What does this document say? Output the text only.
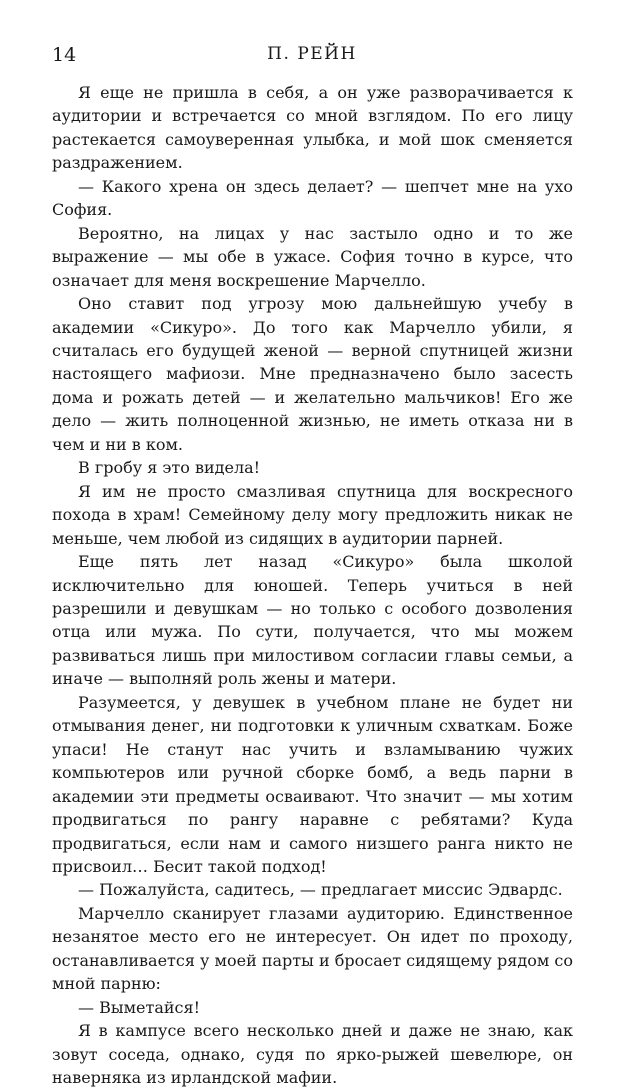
14	П. РЕЙН

Я еще не пришла в себя, а он уже разворачивается к аудитории и встречается со мной взглядом. По его лицу растекается самоуверенная улыбка, и мой шок сменяется раздражением.

— Какого хрена он здесь делает? — шепчет мне на ухо София.

Вероятно, на лицах у нас застыло одно и то же выражение — мы обе в ужасе. София точно в курсе, что означает для меня воскрешение Марчелло.

Оно ставит под угрозу мою дальнейшую учебу в академии «Сикуро». До того как Марчелло убили, я считалась его будущей женой — верной спутницей жизни настоящего мафиози. Мне предназначено было засесть дома и рожать детей — и желательно мальчиков! Его же дело — жить полноценной жизнью, не иметь отказа ни в чем и ни в ком.

В гробу я это видела!

Я им не просто смазливая спутница для воскресного похода в храм! Семейному делу могу предложить никак не меньше, чем любой из сидящих в аудитории парней.

Еще пять лет назад «Сикуро» была школой исключительно для юношей. Теперь учиться в ней разрешили и девушкам — но только с особого дозволения отца или мужа. По сути, получается, что мы можем развиваться лишь при милостивом согласии главы семьи, а иначе — выполняй роль жены и матери.

Разумеется, у девушек в учебном плане не будет ни отмывания денег, ни подготовки к уличным схваткам. Боже упаси! Не станут нас учить и взламыванию чужих компьютеров или ручной сборке бомб, а ведь парни в академии эти предметы осваивают. Что значит — мы хотим продвигаться по рангу наравне с ребятами? Куда продвигаться, если нам и самого низшего ранга никто не присвоил… Бесит такой подход!

— Пожалуйста, садитесь, — предлагает миссис Эдвардс.

Марчелло сканирует глазами аудиторию. Единственное незанятое место его не интересует. Он идет по проходу, останавливается у моей парты и бросает сидящему рядом со мной парню:

— Выметайся!

Я в кампусе всего несколько дней и даже не знаю, как зовут соседа, однако, судя по ярко-рыжей шевелюре, он наверняка из ирландской мафии.
